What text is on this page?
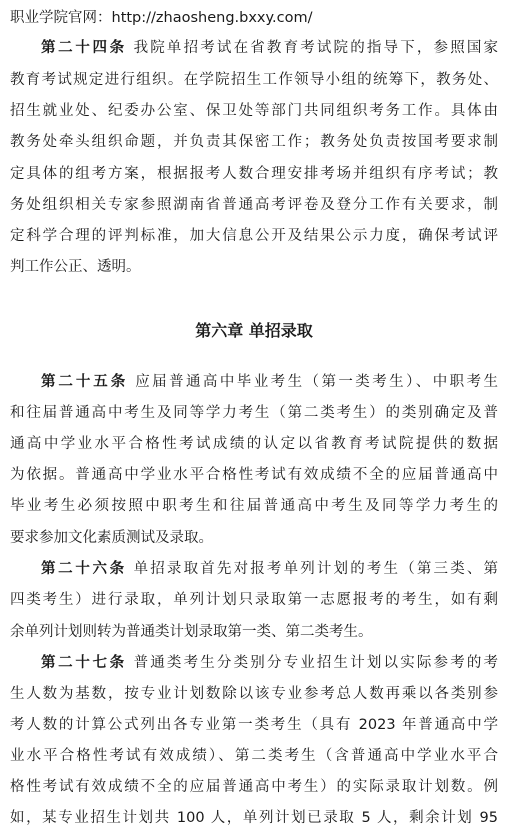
职业学院官网：http://zhaosheng.bxxy.com/
第二十四条 我院单招考试在省教育考试院的指导下，参照国家
教育考试规定进行组织。在学院招生工作领导小组的统筹下，教务处、
招生就业处、纪委办公室、保卫处等部门共同组织考务工作。具体由
教务处牵头组织命题，并负责其保密工作；教务处负责按国考要求制
定具体的组考方案，根据报考人数合理安排考场并组织有序考试；教
务处组织相关专家参照湖南省普通高考评卷及登分工作有关要求，制
定科学合理的评判标准，加大信息公开及结果公示力度，确保考试评
判工作公正、透明。
第六章 单招录取
第二十五条 应届普通高中毕业考生（第一类考生）、中职考生
和往届普通高中考生及同等学力考生（第二类考生）的类别确定及普
通高中学业水平合格性考试成绩的认定以省教育考试院提供的数据
为依据。普通高中学业水平合格性考试有效成绩不全的应届普通高中
毕业考生必须按照中职考生和往届普通高中考生及同等学力考生的
要求参加文化素质测试及录取。
第二十六条 单招录取首先对报考单列计划的考生（第三类、第
四类考生）进行录取，单列计划只录取第一志愿报考的考生，如有剩
余单列计划则转为普通类计划录取第一类、第二类考生。
第二十七条 普通类考生分类别分专业招生计划以实际参考的考
生人数为基数，按专业计划数除以该专业参考总人数再乘以各类别参
考人数的计算公式列出各专业第一类考生（具有 2023 年普通高中学
业水平合格性考试有效成绩）、第二类考生（含普通高中学业水平合
格性考试有效成绩不全的应届普通高中考生）的实际录取计划数。例
如，某专业招生计划共 100 人，单列计划已录取 5 人，剩余计划 95
